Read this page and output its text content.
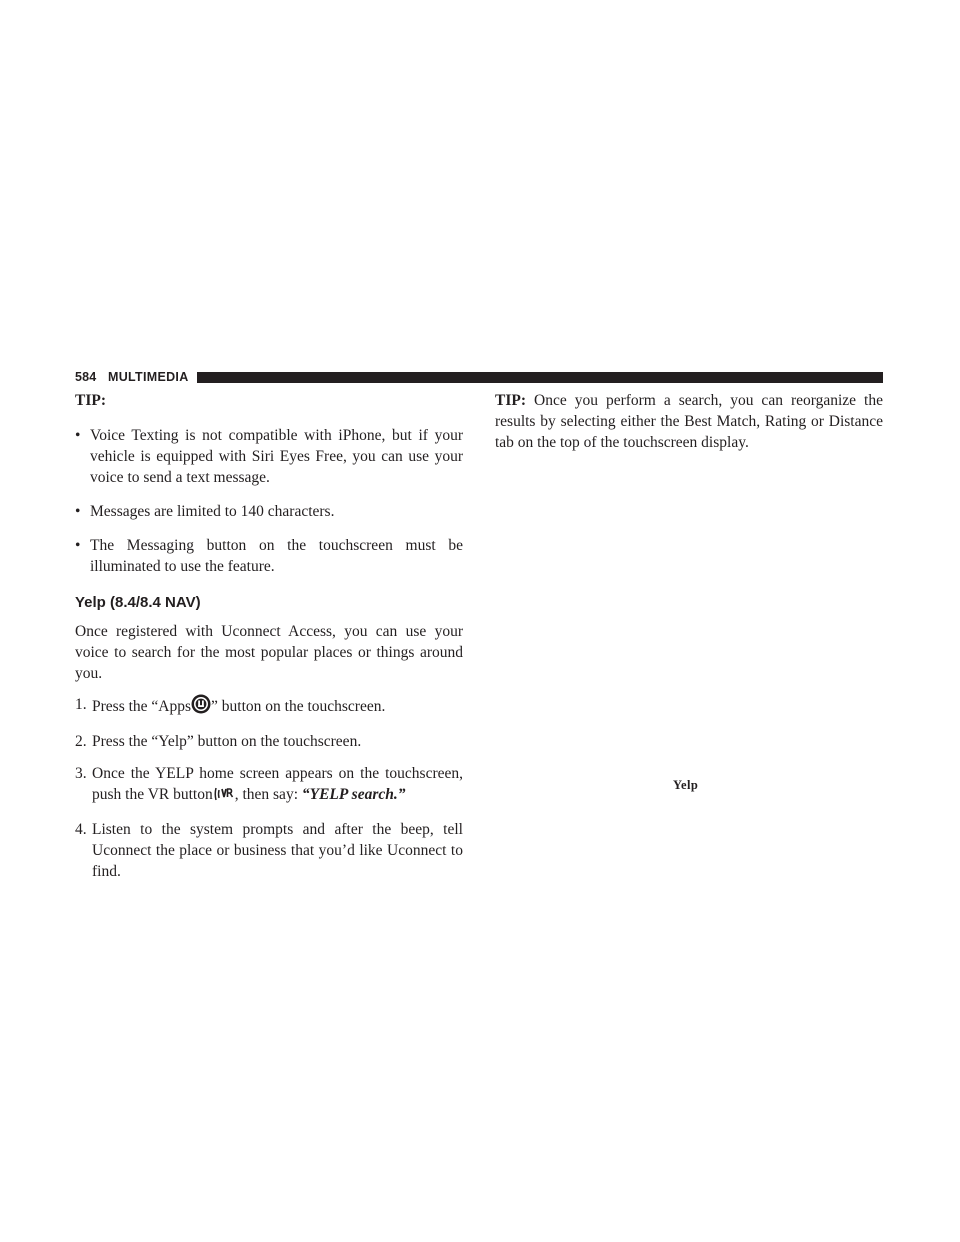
584 MULTIMEDIA

TIP:

• Voice Texting is not compatible with iPhone, but if your vehicle is equipped with Siri Eyes Free, you can use your voice to send a text message.
• Messages are limited to 140 characters.
• The Messaging button on the touchscreen must be illuminated to use the feature.
Yelp (8.4/8.4 NAV)

Once registered with Uconnect Access, you can use your voice to search for the most popular places or things around you.

1. Press the “Apps ” button on the touchscreen.
2. Press the “Yelp” button on the touchscreen.
3. Once the YELP home screen appears on the touchscreen, push the VR button , then say: “YELP search.”
4. Listen to the system prompts and after the beep, tell Uconnect the place or business that you’d like Uconnect to find.

TIP: Once you perform a search, you can reorganize the results by selecting either the Best Match, Rating or Distance tab on the top of the touchscreen display.

Yelp
